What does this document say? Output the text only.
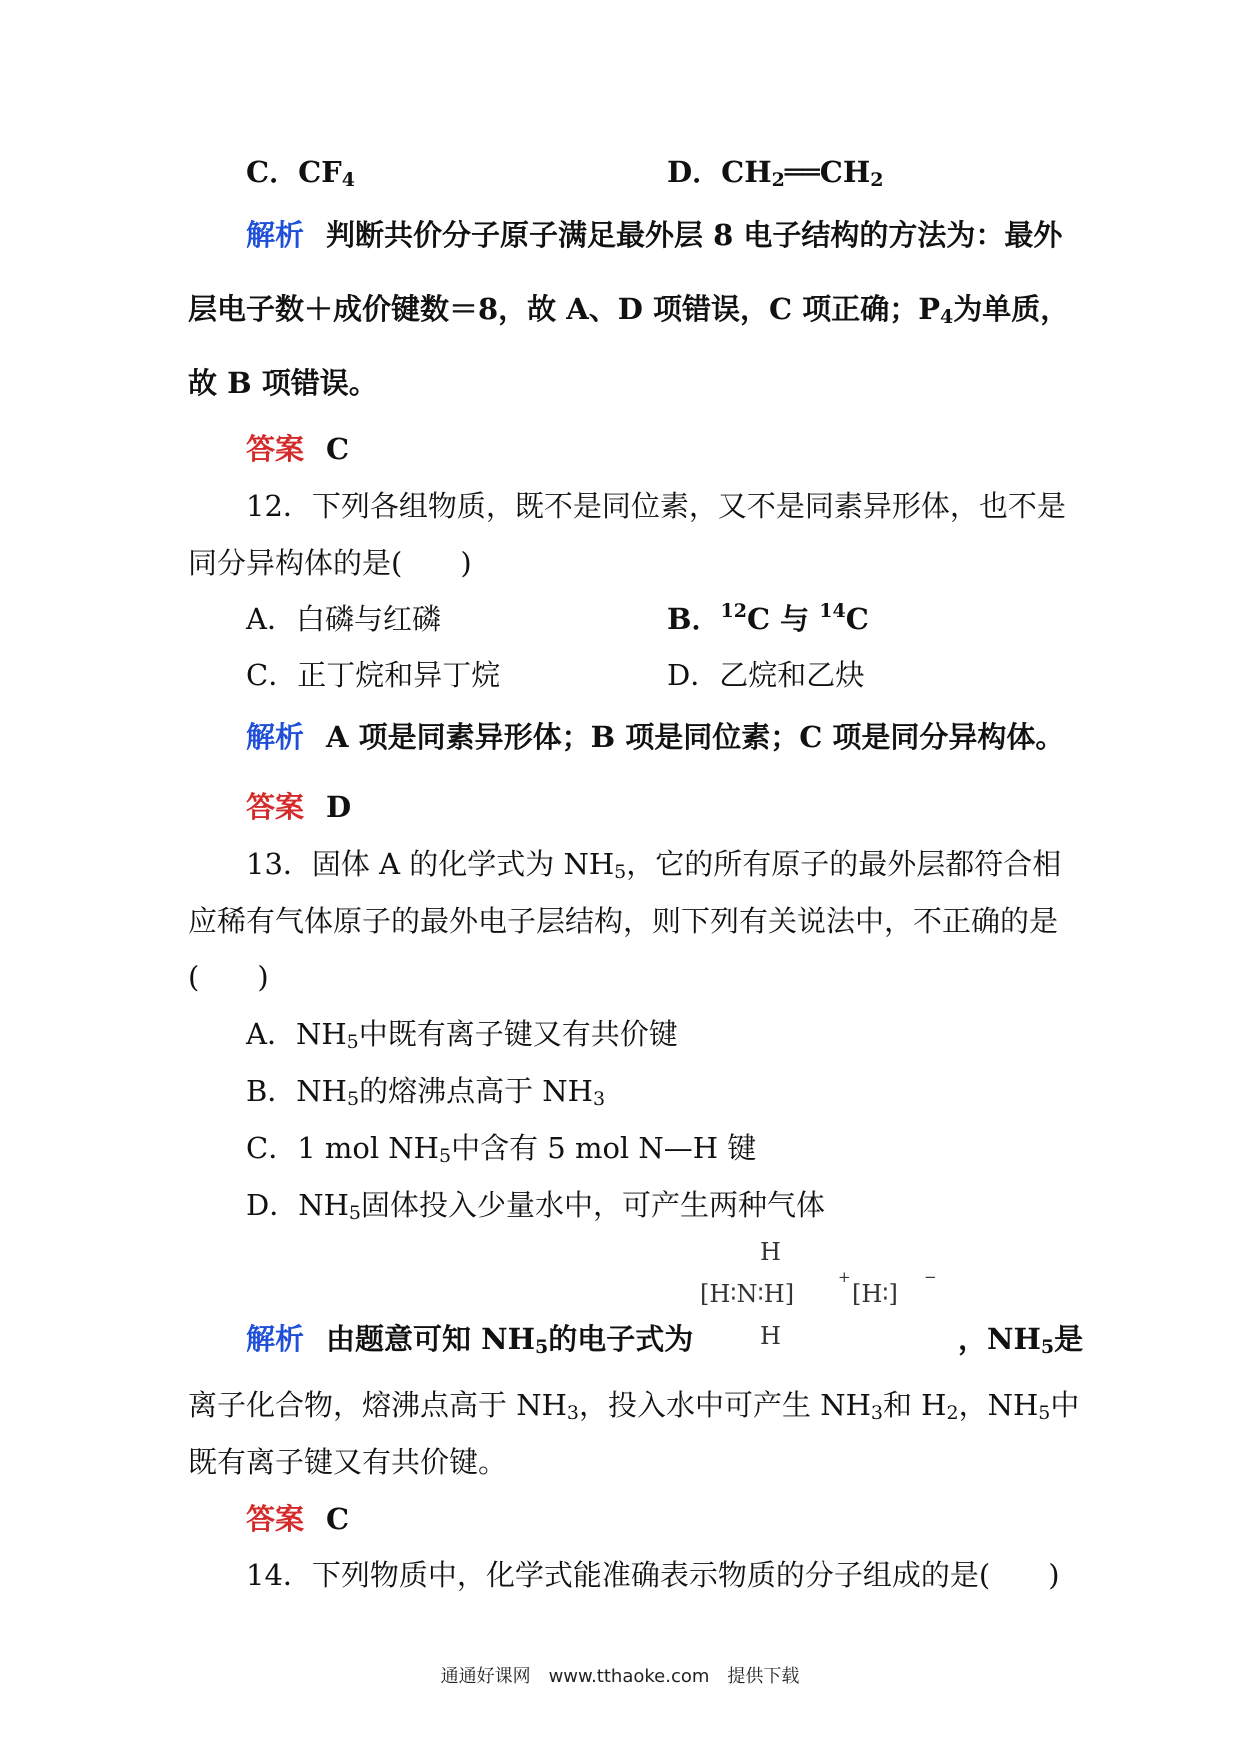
C．$CF_4$	D．$CH_2══CH_2$
解析 判断共价分子原子满足最外层 8 电子结构的方法为：最外
层电子数＋成价键数＝8，故 A、D 项错误，C 项正确；$P_4$为单质，
故 B 项错误。
答案 C
12．下列各组物质，既不是同位素，又不是同素异形体，也不是
同分异构体的是(　　)
A．白磷与红磷	B．$^{12}$C 与 $^{14}$C
C．正丁烷和异丁烷	D．乙烷和乙炔
解析 A 项是同素异形体；B 项是同位素；C 项是同分异构体。
答案 D
13．固体 A 的化学式为 $NH_5$，它的所有原子的最外层都符合相
应稀有气体原子的最外电子层结构，则下列有关说法中，不正确的是
(　　)
A．$NH_5$中既有离子键又有共价键
B．$NH_5$的熔沸点高于 $NH_3$
C．1 mol $NH_5$中含有 5 mol N—H 键
D．$NH_5$固体投入少量水中，可产生两种气体
H
[H∶N∶H]
+
[H∶]
−
H
解析 由题意可知 $NH_5$的电子式为	，$NH_5$是
离子化合物，熔沸点高于 $NH_3$，投入水中可产生 $NH_3$和 $H_2$，$NH_5$中
既有离子键又有共价键。
答案 C
14．下列物质中，化学式能准确表示物质的分子组成的是(　　)
通通好课网　www.tthaoke.com　提供下载
